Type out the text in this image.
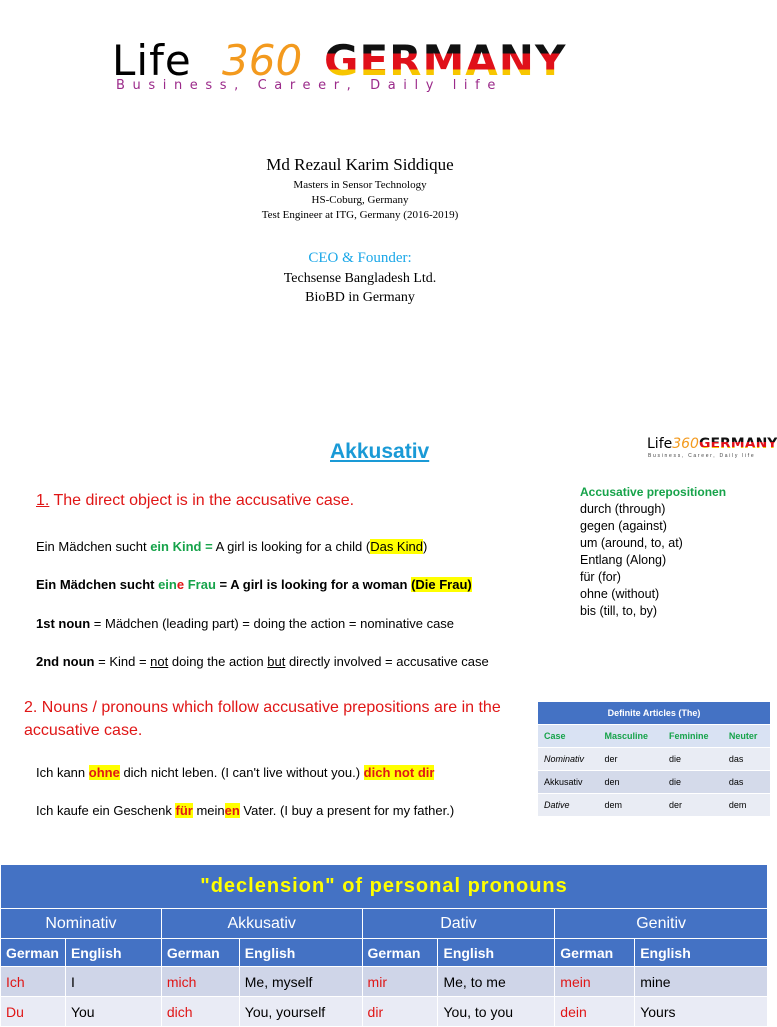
Life 360 GERMANY
Business, Career, Daily life
Md Rezaul Karim Siddique
Masters in Sensor Technology
HS-Coburg, Germany
Test Engineer at ITG, Germany (2016-2019)
CEO & Founder:
Techsense Bangladesh Ltd.
BioBD in Germany
Akkusativ	Life360GERMANY
Business, Career, Daily life
1. The direct object is in the accusative case.
Ein Mädchen sucht ein Kind = A girl is looking for a child (Das Kind)
Ein Mädchen sucht eine Frau = A girl is looking for a woman (Die Frau)
1st noun = Mädchen (leading part) = doing the action = nominative case
2nd noun = Kind = not doing the action but directly involved = accusative case
Accusative prepositionen
durch (through)
gegen (against)
um (around, to, at)
Entlang (Along)
für (for)
ohne (without)
bis (till, to, by)
2. Nouns / pronouns which follow accusative prepositions are in the accusative case.
Definite Articles (The)			
Case	Masculine	Feminine	Neuter
Nominativ	der	die	das
Akkusativ	den	die	das
Dative	dem	der	dem
Ich kann ohne dich nicht leben. (I can't live without you.) dich not dir
Ich kaufe ein Geschenk für meinen Vater. (I buy a present for my father.)
"declension" of personal pronouns							
Nominativ		Akkusativ		Dativ		Genitiv	
German	English	German	English	German	English	German	English
Ich	I	mich	Me, myself	mir	Me, to me	mein	mine
Du	You	dich	You, yourself	dir	You, to you	dein	Yours
